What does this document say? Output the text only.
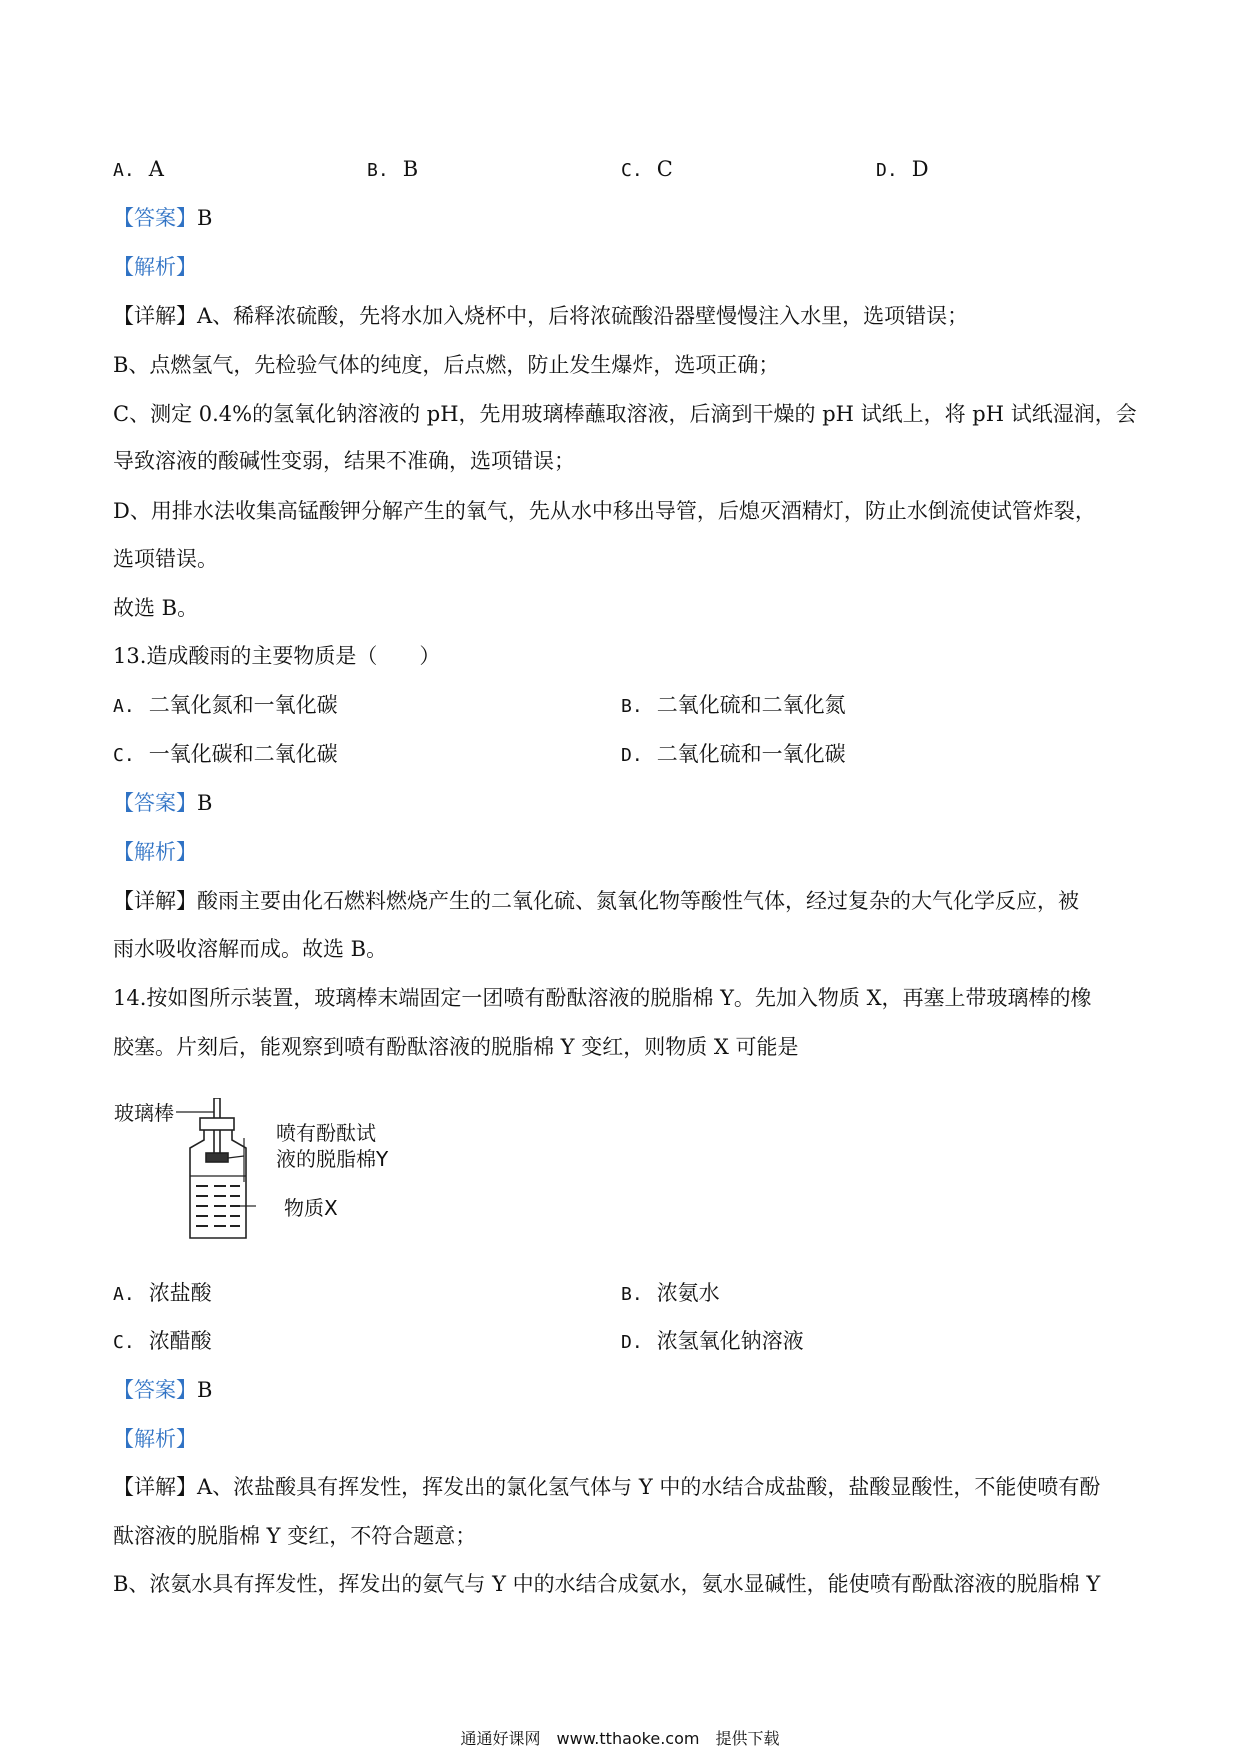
A. A	B. B	C. C	D. D
【答案】B
【解析】
【详解】A、稀释浓硫酸，先将水加入烧杯中，后将浓硫酸沿器壁慢慢注入水里，选项错误；
B、点燃氢气，先检验气体的纯度，后点燃，防止发生爆炸，选项正确；
C、测定 0.4%的氢氧化钠溶液的 pH，先用玻璃棒蘸取溶液，后滴到干燥的 pH 试纸上，将 pH 试纸湿润，会
导致溶液的酸碱性变弱，结果不准确，选项错误；
D、用排水法收集高锰酸钾分解产生的氧气，先从水中移出导管，后熄灭酒精灯，防止水倒流使试管炸裂，
选项错误。
故选 B。
13.造成酸雨的主要物质是（　　）
A. 二氧化氮和一氧化碳	B. 二氧化硫和二氧化氮
C. 一氧化碳和二氧化碳	D. 二氧化硫和一氧化碳
【答案】B
【解析】
【详解】酸雨主要由化石燃料燃烧产生的二氧化硫、氮氧化物等酸性气体，经过复杂的大气化学反应，被
雨水吸收溶解而成。故选 B。
14.按如图所示装置，玻璃棒末端固定一团喷有酚酞溶液的脱脂棉 Y。先加入物质 X，再塞上带玻璃棒的橡
胶塞。片刻后，能观察到喷有酚酞溶液的脱脂棉 Y 变红，则物质 X 可能是
玻璃棒
喷有酚酞试
液的脱脂棉Y
物质X
A. 浓盐酸	B. 浓氨水
C. 浓醋酸	D. 浓氢氧化钠溶液
【答案】B
【解析】
【详解】A、浓盐酸具有挥发性，挥发出的氯化氢气体与 Y 中的水结合成盐酸，盐酸显酸性，不能使喷有酚
酞溶液的脱脂棉 Y 变红，不符合题意；
B、浓氨水具有挥发性，挥发出的氨气与 Y 中的水结合成氨水，氨水显碱性，能使喷有酚酞溶液的脱脂棉 Y
通通好课网　www.tthaoke.com　提供下载
